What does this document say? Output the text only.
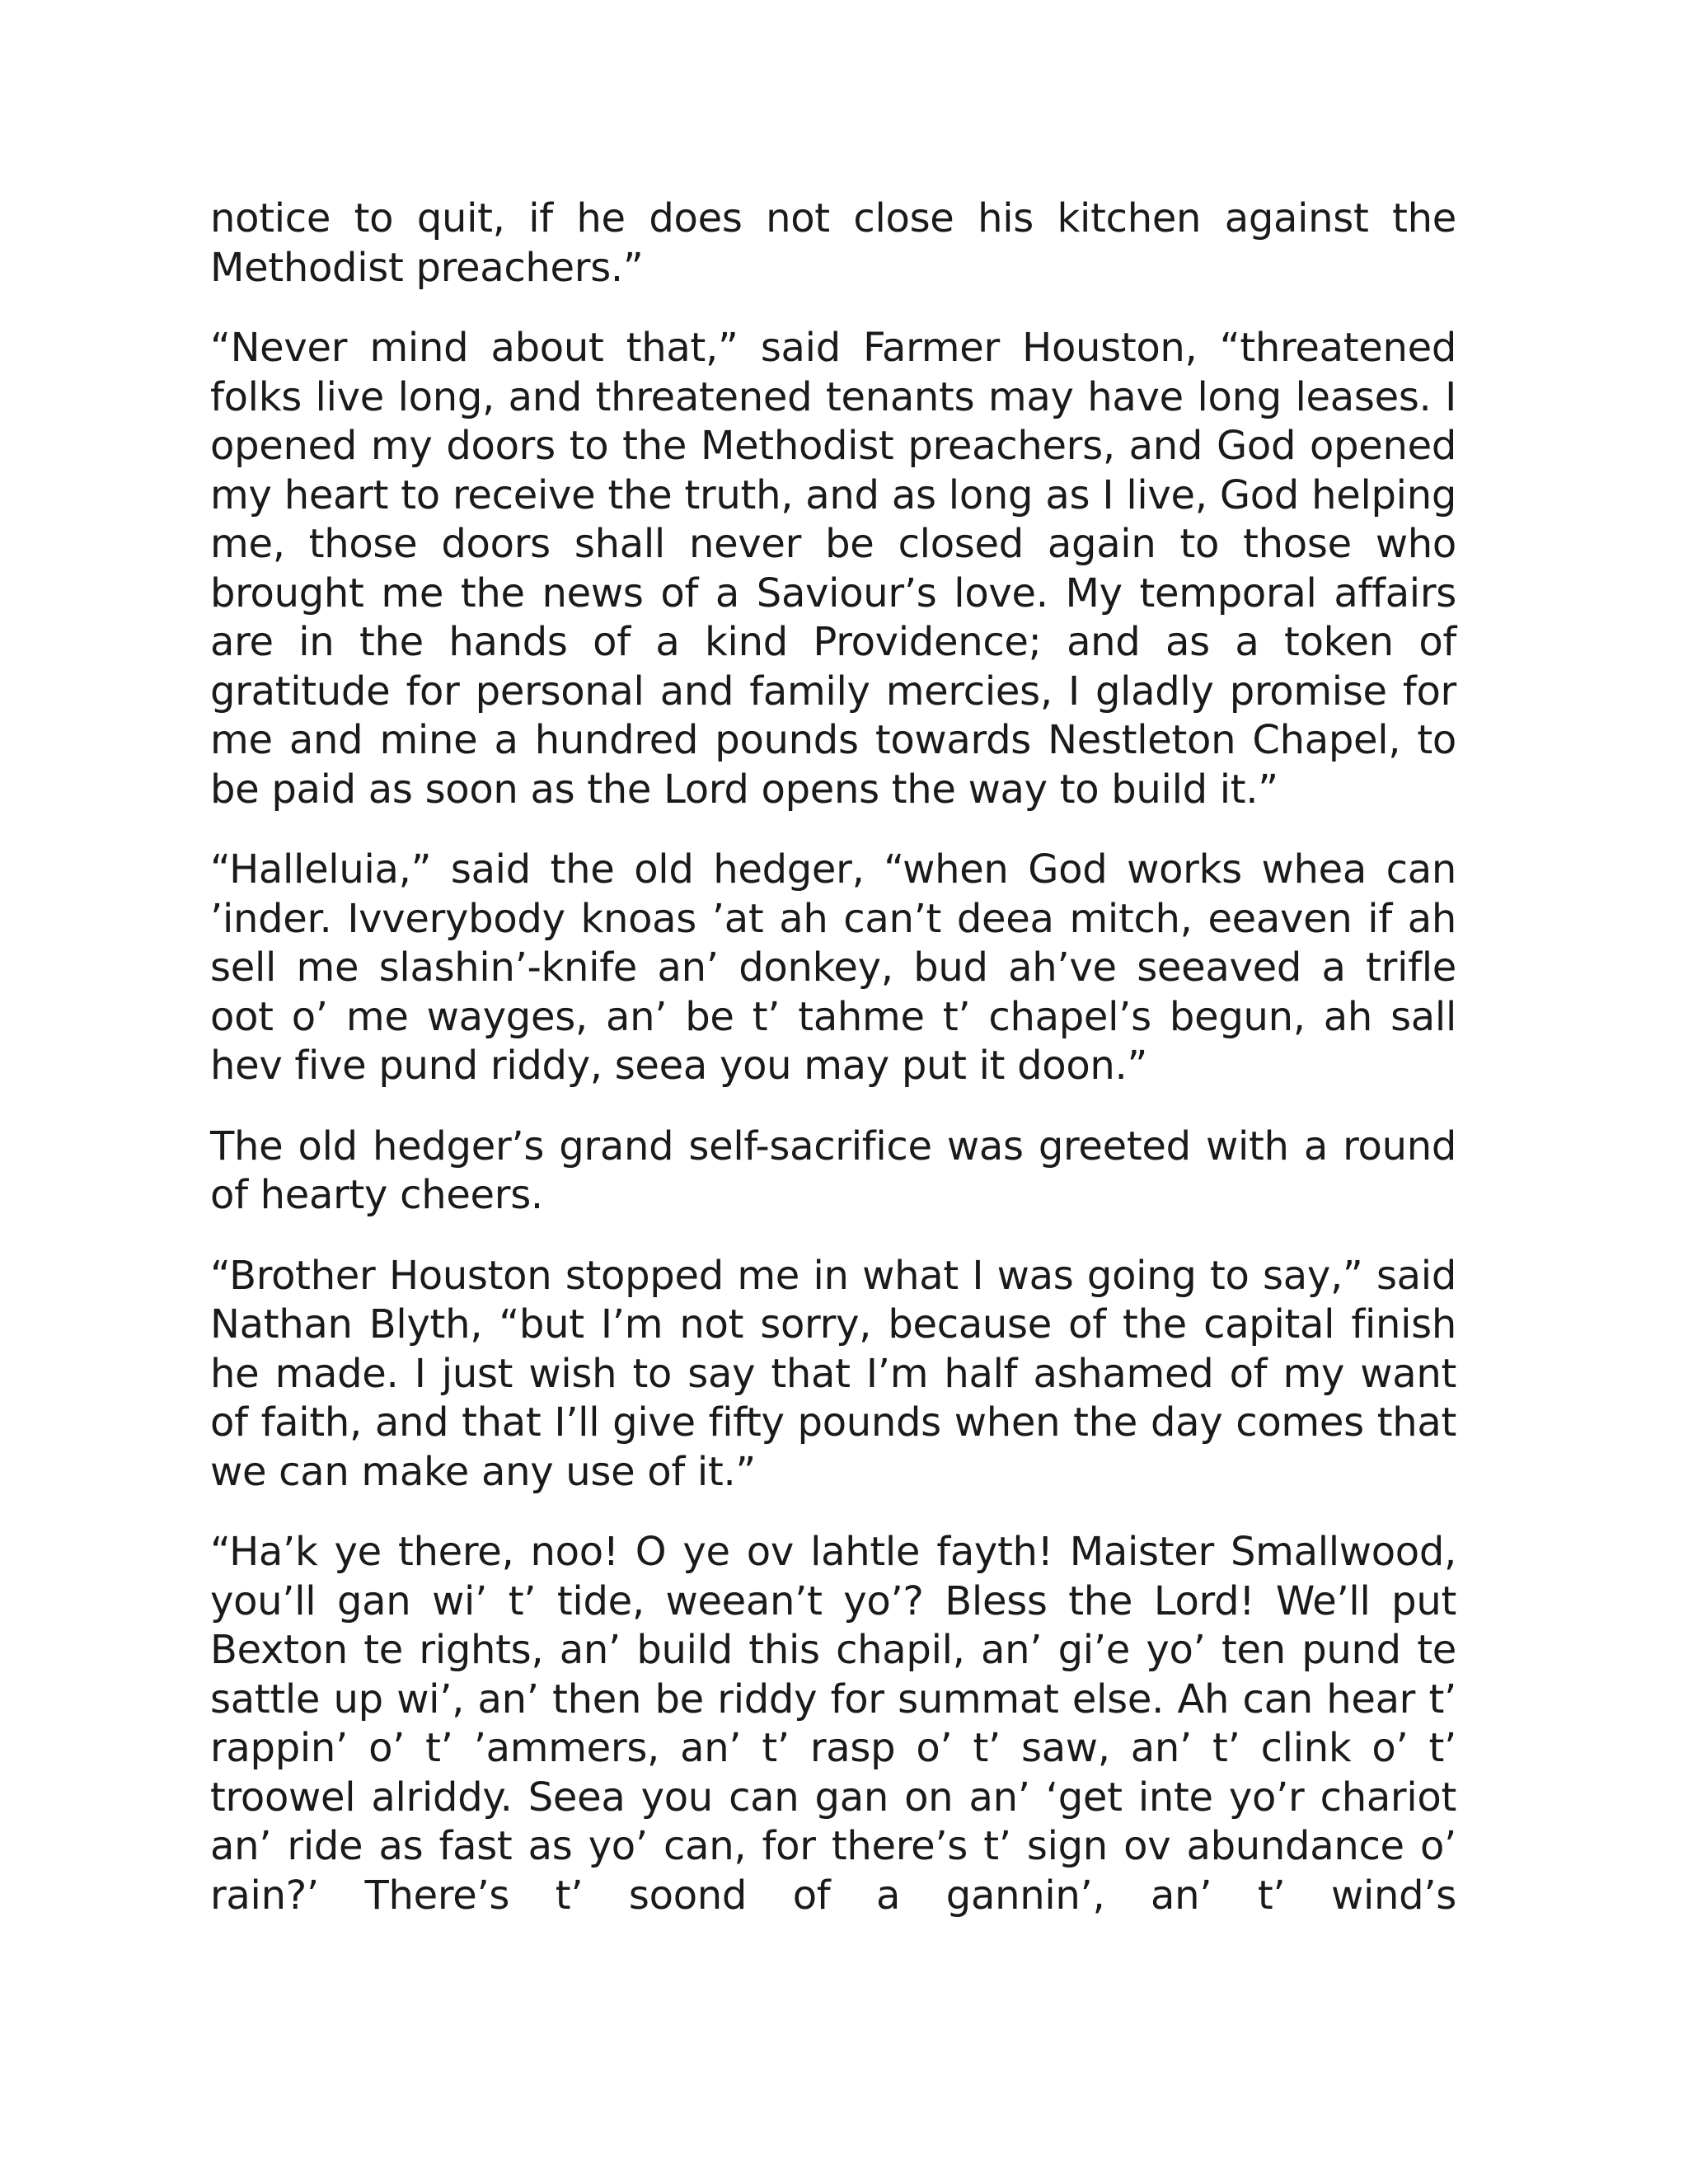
notice to quit, if he does not close his kitchen against the Methodist preachers.”

“Never mind about that,” said Farmer Houston, “threatened folks live long, and threatened tenants may have long leases. I opened my doors to the Methodist preachers, and God opened my heart to receive the truth, and as long as I live, God helping me, those doors shall never be closed again to those who brought me the news of a Saviour’s love. My temporal affairs are in the hands of a kind Providence; and as a token of gratitude for personal and family mercies, I gladly promise for me and mine a hundred pounds towards Nestleton Chapel, to be paid as soon as the Lord opens the way to build it.”

“Halleluia,” said the old hedger, “when God works whea can ’inder. Ivverybody knoas ’at ah can’t deea mitch, eeaven if ah sell me slashin’-knife an’ donkey, bud ah’ve seeaved a trifle oot o’ me wayges, an’ be t’ tahme t’ chapel’s begun, ah sall hev five pund riddy, seea you may put it doon.”

The old hedger’s grand self-sacrifice was greeted with a round of hearty cheers.

“Brother Houston stopped me in what I was going to say,” said Nathan Blyth, “but I’m not sorry, because of the capital finish he made. I just wish to say that I’m half ashamed of my want of faith, and that I’ll give fifty pounds when the day comes that we can make any use of it.”

“Ha’k ye there, noo! O ye ov lahtle fayth! Maister Smallwood, you’ll gan wi’ t’ tide, weean’t yo’? Bless the Lord! We’ll put Bexton te rights, an’ build this chapil, an’ gi’e yo’ ten pund te sattle up wi’, an’ then be riddy for summat else. Ah can hear t’ rappin’ o’ t’ ’ammers, an’ t’ rasp o’ t’ saw, an’ t’ clink o’ t’ troowel alriddy. Seea you can gan on an’ ‘get inte yo’r chariot an’ ride as fast as yo’ can, for there’s t’ sign ov abundance o’ rain?’ There’s t’ soond of a gannin’, an’ t’ wind’s
